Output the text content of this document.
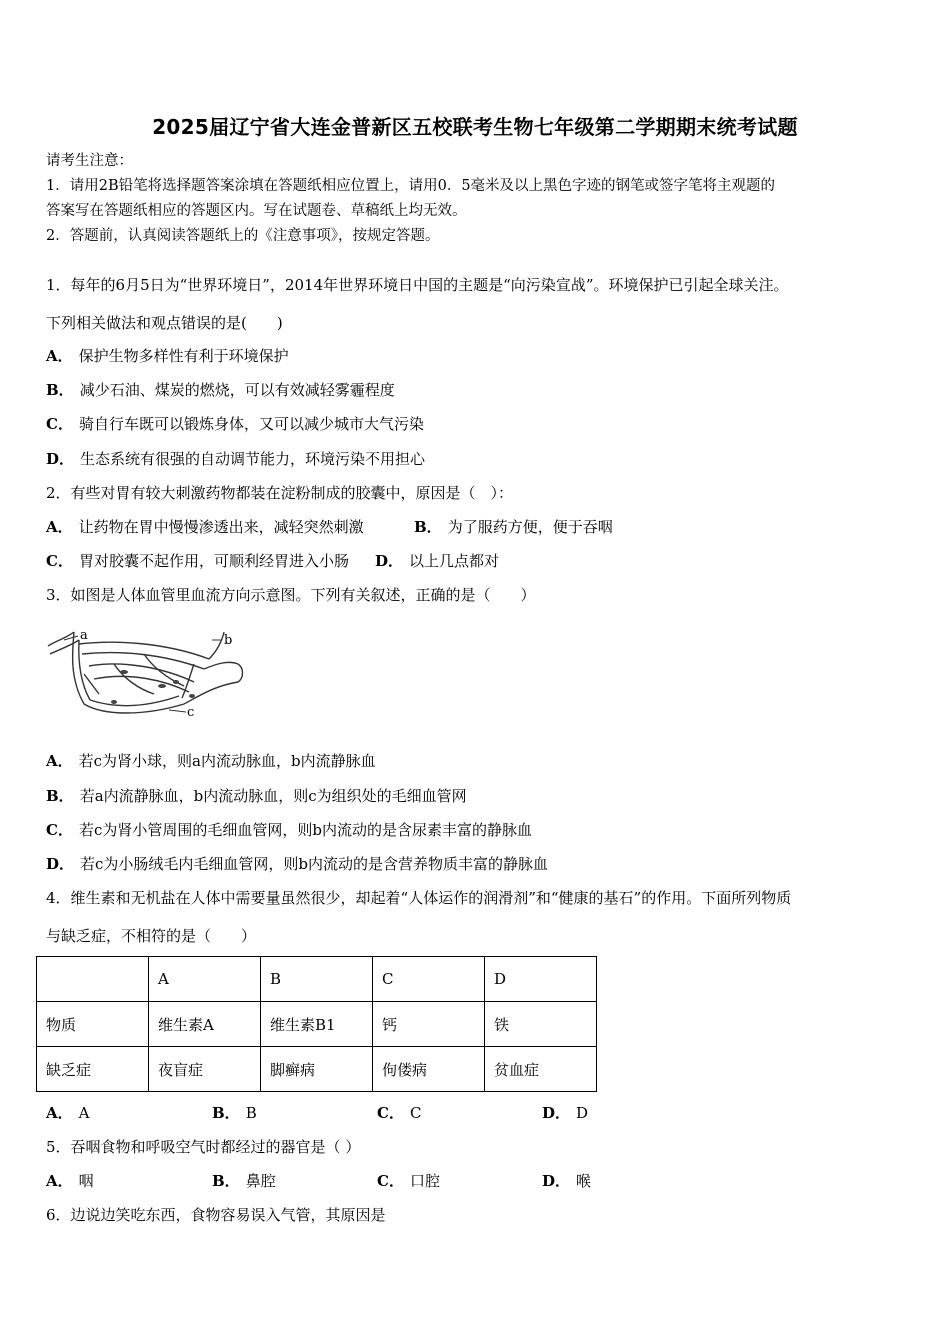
2025届辽宁省大连金普新区五校联考生物七年级第二学期期末统考试题
请考生注意：
1．请用2B铅笔将选择题答案涂填在答题纸相应位置上，请用0．5毫米及以上黑色字迹的钢笔或签字笔将主观题的
答案写在答题纸相应的答题区内。写在试题卷、草稿纸上均无效。
2．答题前，认真阅读答题纸上的《注意事项》，按规定答题。
1．每年的6月5日为“世界环境日”，2014年世界环境日中国的主题是“向污染宣战”。环境保护已引起全球关注。
下列相关做法和观点错误的是(　　)
A． 保护生物多样性有利于环境保护
B． 减少石油、煤炭的燃烧，可以有效减轻雾霾程度
C． 骑自行车既可以锻炼身体，又可以减少城市大气污染
D． 生态系统有很强的自动调节能力，环境污染不用担心
2．有些对胃有较大刺激药物都装在淀粉制成的胶囊中，原因是（　）：
A． 让药物在胃中慢慢渗透出来，减轻突然刺激	B． 为了服药方便，便于吞咽
C． 胃对胶囊不起作用，可顺利经胃进入小肠 D． 以上几点都对
3．如图是人体血管里血流方向示意图。下列有关叙述，正确的是（　　）
a	b
c
A． 若c为肾小球，则a内流动脉血，b内流静脉血
B． 若a内流静脉血，b内流动脉血，则c为组织处的毛细血管网
C． 若c为肾小管周围的毛细血管网，则b内流动的是含尿素丰富的静脉血
D． 若c为小肠绒毛内毛细血管网，则b内流动的是含营养物质丰富的静脉血
4．维生素和无机盐在人体中需要量虽然很少，却起着“人体运作的润滑剂”和“健康的基石”的作用。下面所列物质
与缺乏症，不相符的是（　　）
	A	B	C	D
物质	维生素A	维生素B1	钙	铁
缺乏症	夜盲症	脚癣病	佝偻病	贫血症
A． A	B． B	C． C	D． D
5．吞咽食物和呼吸空气时都经过的器官是（ ）
A． 咽	B． 鼻腔	C． 口腔	D． 喉
6．边说边笑吃东西，食物容易误入气管，其原因是
